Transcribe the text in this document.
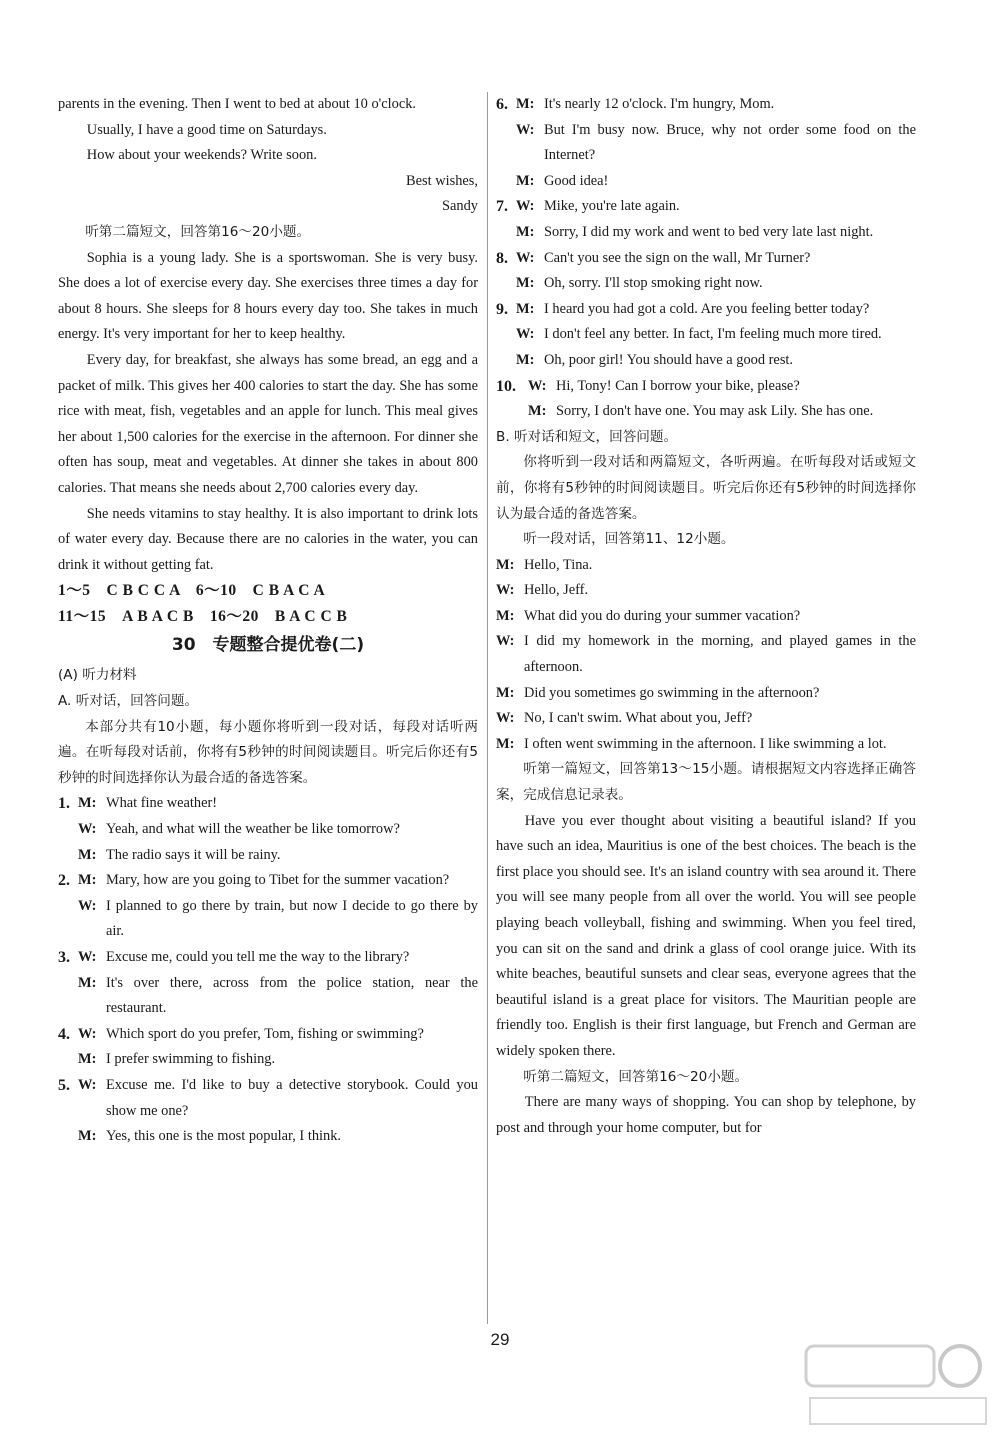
parents in the evening. Then I went to bed at about 10 o'clock.

Usually, I have a good time on Saturdays.

How about your weekends? Write soon.

Best wishes,

Sandy

听第二篇短文，回答第16～20小题。

Sophia is a young lady. She is a sportswoman. She is very busy. She does a lot of exercise every day. She exercises three times a day for about 8 hours. She sleeps for 8 hours every day too. She takes in much energy. It's very important for her to keep healthy.

Every day, for breakfast, she always has some bread, an egg and a packet of milk. This gives her 400 calories to start the day. She has some rice with meat, fish, vegetables and an apple for lunch. This meal gives her about 1,500 calories for the exercise in the afternoon. For dinner she often has soup, meat and vegetables. At dinner she takes in about 800 calories. That means she needs about 2,700 calories every day.

She needs vitamins to stay healthy. It is also important to drink lots of water every day. Because there are no calories in the water, you can drink it without getting fat.

1～5　C B C C A　6～10　C B A C A

11～15　A B A C B　16～20　B A C C B

30　专题整合提优卷(二)

(A) 听力材料

A. 听对话，回答问题。

本部分共有10小题，每小题你将听到一段对话，每段对话听两遍。在听每段对话前，你将有5秒钟的时间阅读题目。听完后你还有5秒钟的时间选择你认为最合适的备选答案。

1. M: What fine weather!
W: Yeah, and what will the weather be like tomorrow?
M: The radio says it will be rainy.
2. M: Mary, how are you going to Tibet for the summer vacation?
W: I planned to go there by train, but now I decide to go there by air.
3. W: Excuse me, could you tell me the way to the library?
M: It's over there, across from the police station, near the restaurant.
4. W: Which sport do you prefer, Tom, fishing or swimming?
M: I prefer swimming to fishing.
5. W: Excuse me. I'd like to buy a detective storybook. Could you show me one?
M: Yes, this one is the most popular, I think.
6. M: It's nearly 12 o'clock. I'm hungry, Mom.
W: But I'm busy now. Bruce, why not order some food on the Internet?
M: Good idea!
7. W: Mike, you're late again.
M: Sorry, I did my work and went to bed very late last night.
8. W: Can't you see the sign on the wall, Mr Turner?
M: Oh, sorry. I'll stop smoking right now.
9. M: I heard you had got a cold. Are you feeling better today?
W: I don't feel any better. In fact, I'm feeling much more tired.
M: Oh, poor girl! You should have a good rest.
10. W: Hi, Tony! Can I borrow your bike, please?
M: Sorry, I don't have one. You may ask Lily. She has one.

B. 听对话和短文，回答问题。

你将听到一段对话和两篇短文，各听两遍。在听每段对话或短文前，你将有5秒钟的时间阅读题目。听完后你还有5秒钟的时间选择你认为最合适的备选答案。

听一段对话，回答第11、12小题。

M: Hello, Tina.
W: Hello, Jeff.
M: What did you do during your summer vacation?
W: I did my homework in the morning, and played games in the afternoon.
M: Did you sometimes go swimming in the afternoon?
W: No, I can't swim. What about you, Jeff?
M: I often went swimming in the afternoon. I like swimming a lot.

听第一篇短文，回答第13～15小题。请根据短文内容选择正确答案，完成信息记录表。

Have you ever thought about visiting a beautiful island? If you have such an idea, Mauritius is one of the best choices. The beach is the first place you should see. It's an island country with sea around it. There you will see many people from all over the world. You will see people playing beach volleyball, fishing and swimming. When you feel tired, you can sit on the sand and drink a glass of cool orange juice. With its white beaches, beautiful sunsets and clear seas, everyone agrees that the beautiful island is a great place for visitors. The Mauritian people are friendly too. English is their first language, but French and German are widely spoken there.

听第二篇短文，回答第16～20小题。

There are many ways of shopping. You can shop by telephone, by post and through your home computer, but for

29
